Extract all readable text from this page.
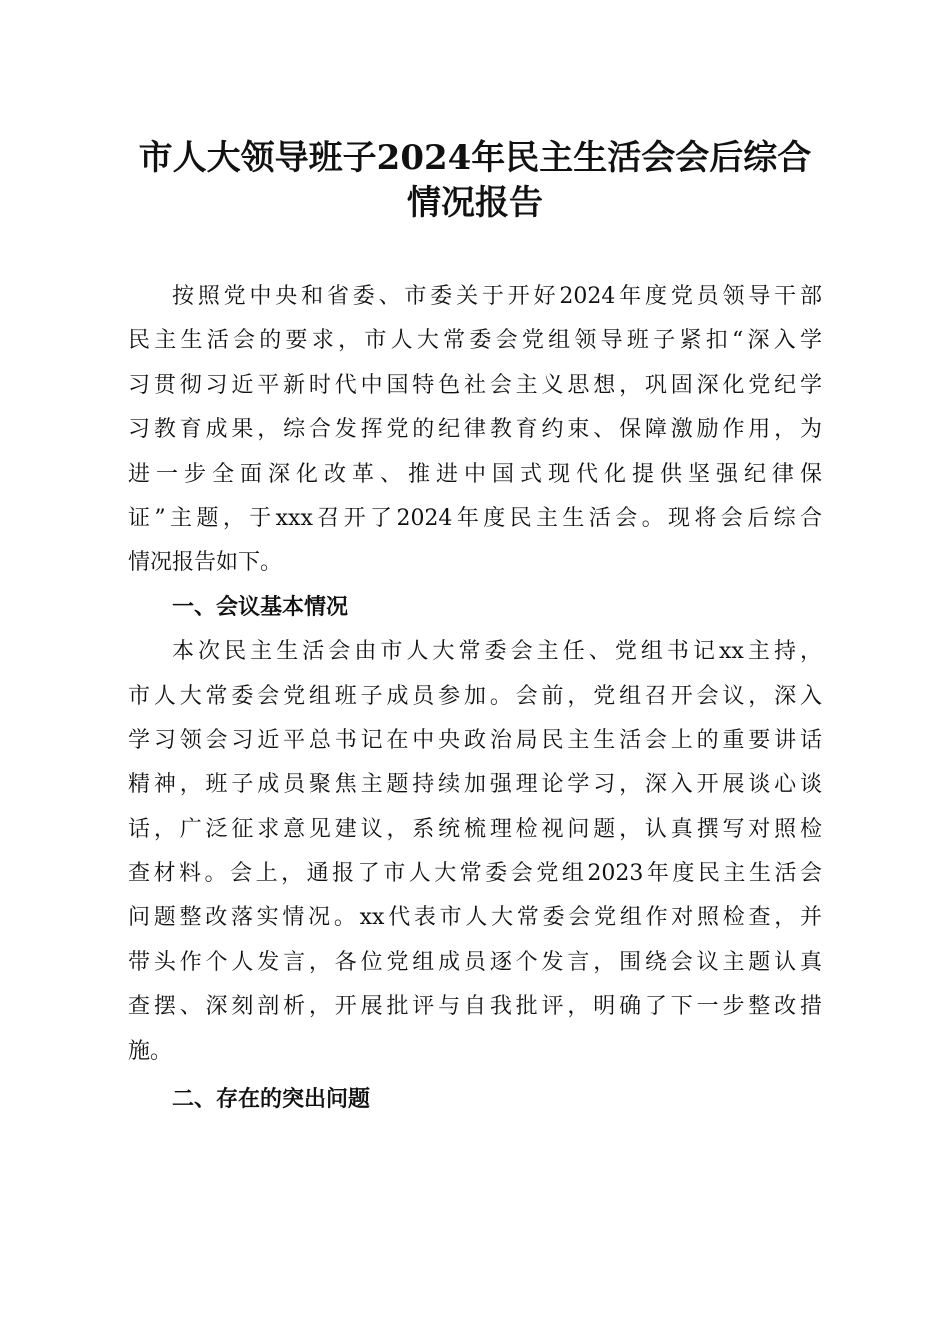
市人大领导班子2024年民主生活会会后综合
情况报告
按照党中央和省委、市委关于开好2024年度党员领导干部
民主生活会的要求，市人大常委会党组领导班子紧扣“深入学
习贯彻习近平新时代中国特色社会主义思想，巩固深化党纪学
习教育成果，综合发挥党的纪律教育约束、保障激励作用，为
进一步全面深化改革、推进中国式现代化提供坚强纪律保
证”主题，于xxx召开了2024年度民主生活会。现将会后综合
情况报告如下。
一、会议基本情况
本次民主生活会由市人大常委会主任、党组书记xx主持，
市人大常委会党组班子成员参加。会前，党组召开会议，深入
学习领会习近平总书记在中央政治局民主生活会上的重要讲话
精神，班子成员聚焦主题持续加强理论学习，深入开展谈心谈
话，广泛征求意见建议，系统梳理检视问题，认真撰写对照检
查材料。会上，通报了市人大常委会党组2023年度民主生活会
问题整改落实情况。xx代表市人大常委会党组作对照检查，并
带头作个人发言，各位党组成员逐个发言，围绕会议主题认真
查摆、深刻剖析，开展批评与自我批评，明确了下一步整改措
施。
二、存在的突出问题
